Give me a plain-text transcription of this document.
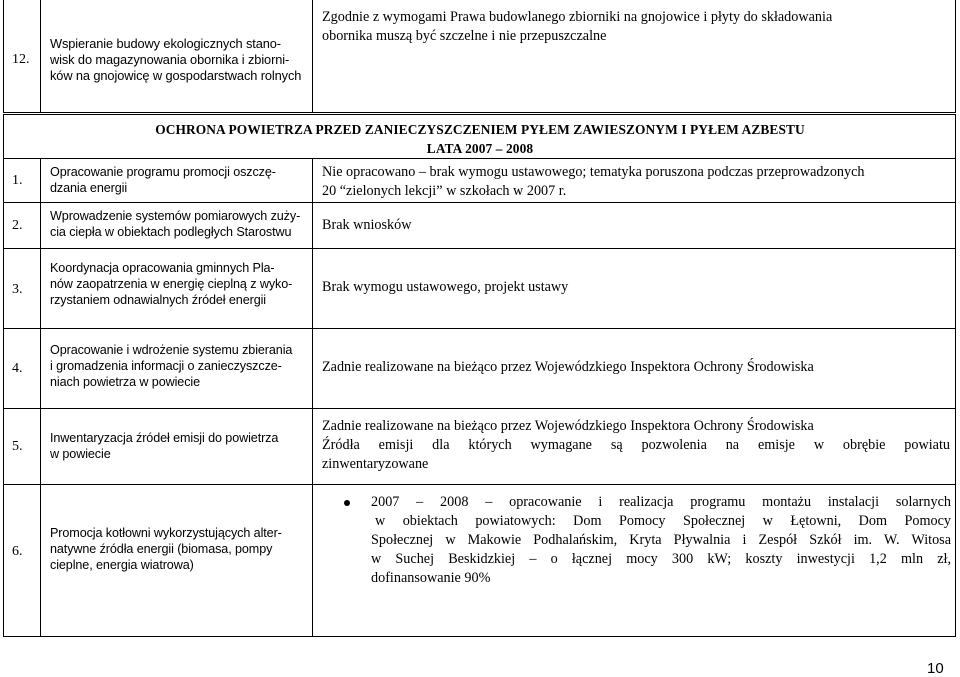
12.
Wspieranie budowy ekologicznych stano-
wisk do magazynowania obornika i zbiorni-
ków na gnojowicę w gospodarstwach rolnych
Zgodnie z wymogami Prawa budowlanego zbiorniki na gnojowice i płyty do składowania
obornika muszą być szczelne i nie przepuszczalne
OCHRONA POWIETRZA PRZED ZANIECZYSZCZENIEM PYŁEM ZAWIESZONYM I PYŁEM AZBESTU
LATA 2007 – 2008
1.
Opracowanie programu promocji oszczę-
dzania energii
Nie opracowano – brak wymogu ustawowego; tematyka poruszona podczas przeprowadzonych
20 “zielonych lekcji” w szkołach w 2007 r.
2.
Wprowadzenie systemów pomiarowych zuży-
cia ciepła w obiektach podległych Starostwu	Brak wniosków
3.
Koordynacja opracowania gminnych Pla-
nów zaopatrzenia w energię cieplną z wyko-
rzystaniem odnawialnych źródeł energii
Brak wymogu ustawowego, projekt ustawy
4.
Opracowanie i wdrożenie systemu zbierania
i gromadzenia informacji o zanieczyszcze-
niach powietrza w powiecie
Zadnie realizowane na bieżąco przez Wojewódzkiego Inspektora Ochrony Środowiska
5.
Inwentaryzacja źródeł emisji do powietrza
w powiecie
Zadnie realizowane na bieżąco przez Wojewódzkiego Inspektora Ochrony Środowiska
Źródła emisji dla których wymagane są pozwolenia na emisje w obrębie powiatu
zinwentaryzowane
6.
Promocja kotłowni wykorzystujących alter-
natywne źródła energii (biomasa, pompy
cieplne, energia wiatrowa)
2007 – 2008 – opracowanie i realizacja programu montażu instalacji solarnych
w obiektach powiatowych: Dom Pomocy Społecznej w Łętowni, Dom Pomocy
Społecznej w Makowie Podhalańskim, Kryta Pływalnia i Zespół Szkół im. W. Witosa
w Suchej Beskidzkiej – o łącznej mocy 300 kW; koszty inwestycji 1,2 mln zł,
dofinansowanie 90%
10
